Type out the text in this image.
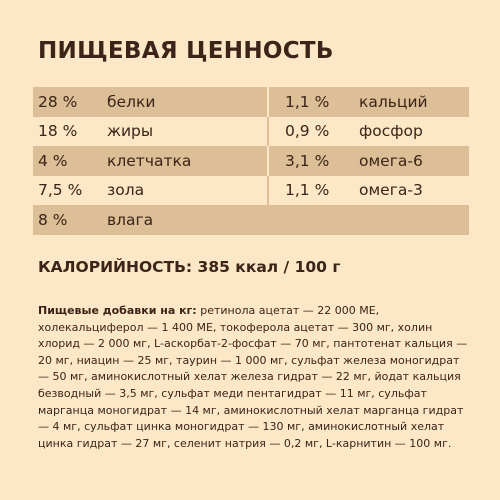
ПИЩЕВАЯ ЦЕННОСТЬ
28 %	белки	1,1 %	кальций
18 %	жиры	0,9 %	фосфор
4 %	клетчатка	3,1 %	омега-6
7,5 %	зола	1,1 %	омега-3
8 %	влага
КАЛОРИЙНОСТЬ: 385 ккал / 100 г
Пищевые добавки на кг: ретинола ацетат — 22 000 МЕ, холекальциферол — 1 400 МЕ, токоферола ацетат — 300 мг, холин хлорид — 2 000 мг, L-аскорбат-2-фосфат — 70 мг, пантотенат кальция — 20 мг, ниацин — 25 мг, таурин — 1 000 мг, сульфат железа моногидрат — 50 мг, аминокислотный хелат железа гидрат — 22 мг, йодат кальция безводный — 3,5 мг, сульфат меди пентагидрат — 11 мг, сульфат марганца моногидрат — 14 мг, аминокислотный хелат марганца гидрат — 4 мг, сульфат цинка моногидрат — 130 мг, аминокислотный хелат цинка гидрат — 27 мг, селенит натрия — 0,2 мг, L-карнитин — 100 мг.
